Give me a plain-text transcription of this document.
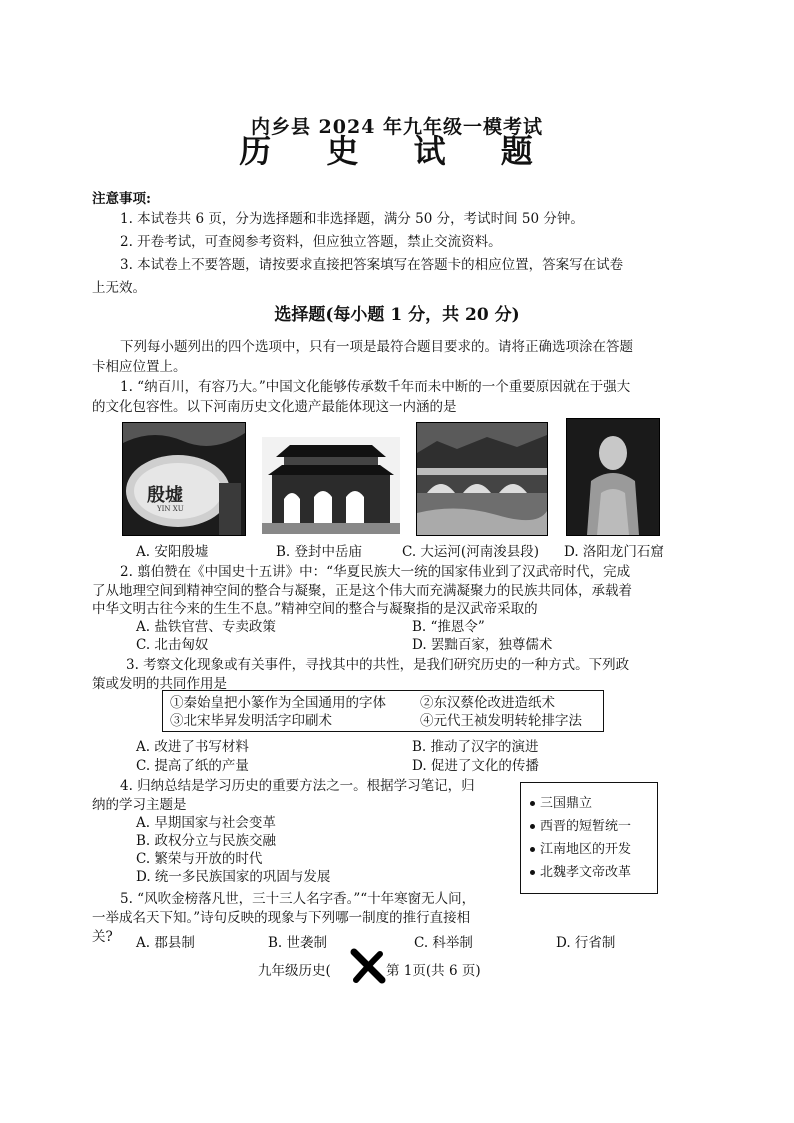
内乡县 2024 年九年级一模考试
历 史 试 题
注意事项:
1. 本试卷共 6 页，分为选择题和非选择题，满分 50 分，考试时间 50 分钟。
2. 开卷考试，可查阅参考资料，但应独立答题，禁止交流资料。
3. 本试卷上不要答题，请按要求直接把答案填写在答题卡的相应位置，答案写在试卷
上无效。
选择题(每小题 1 分，共 20 分)
下列每小题列出的四个选项中，只有一项是最符合题目要求的。请将正确选项涂在答题
卡相应位置上。
1. “纳百川，有容乃大。”中国文化能够传承数千年而未中断的一个重要原因就在于强大
的文化包容性。以下河南历史文化遗产最能体现这一内涵的是
殷墟
YIN XU
A. 安阳殷墟	B. 登封中岳庙	C. 大运河(河南浚县段) D. 洛阳龙门石窟
2. 翦伯赞在《中国史十五讲》中：“华夏民族大一统的国家伟业到了汉武帝时代，完成
了从地理空间到精神空间的整合与凝聚，正是这个伟大而充满凝聚力的民族共同体，承载着
中华文明古往今来的生生不息。”精神空间的整合与凝聚指的是汉武帝采取的
A. 盐铁官营、专卖政策	B. “推恩令”
C. 北击匈奴	D. 罢黜百家，独尊儒术
3. 考察文化现象或有关事件，寻找其中的共性，是我们研究历史的一种方式。下列政
策或发明的共同作用是
①秦始皇把小篆作为全国通用的字体	②东汉蔡伦改进造纸术
③北宋毕昇发明活字印刷术	④元代王祯发明转轮排字法
A. 改进了书写材料	B. 推动了汉字的演进
C. 提高了纸的产量	D. 促进了文化的传播
4. 归纳总结是学习历史的重要方法之一。根据学习笔记，归
纳的学习主题是
A. 早期国家与社会变革
B. 政权分立与民族交融
C. 繁荣与开放的时代
D. 统一多民族国家的巩固与发展
三国鼎立
西晋的短暂统一
江南地区的开发
北魏孝文帝改革
5. “风吹金榜落凡世，三十三人名字香。”“十年寒窗无人问，
一举成名天下知。”诗句反映的现象与下列哪一制度的推行直接相
关? A. 郡县制	B. 世袭制	C. 科举制	D. 行省制
九年级历史(	第 1页(共 6 页)
